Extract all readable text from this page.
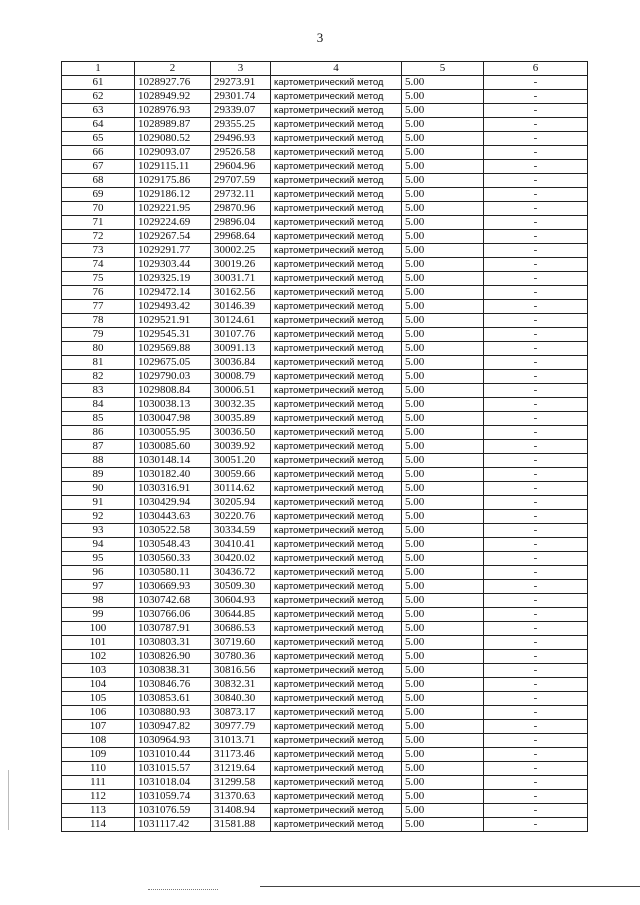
3
1	2	3	4	5	6
61	1028927.76	29273.91	картометрический метод	5.00	-
62	1028949.92	29301.74	картометрический метод	5.00	-
63	1028976.93	29339.07	картометрический метод	5.00	-
64	1028989.87	29355.25	картометрический метод	5.00	-
65	1029080.52	29496.93	картометрический метод	5.00	-
66	1029093.07	29526.58	картометрический метод	5.00	-
67	1029115.11	29604.96	картометрический метод	5.00	-
68	1029175.86	29707.59	картометрический метод	5.00	-
69	1029186.12	29732.11	картометрический метод	5.00	-
70	1029221.95	29870.96	картометрический метод	5.00	-
71	1029224.69	29896.04	картометрический метод	5.00	-
72	1029267.54	29968.64	картометрический метод	5.00	-
73	1029291.77	30002.25	картометрический метод	5.00	-
74	1029303.44	30019.26	картометрический метод	5.00	-
75	1029325.19	30031.71	картометрический метод	5.00	-
76	1029472.14	30162.56	картометрический метод	5.00	-
77	1029493.42	30146.39	картометрический метод	5.00	-
78	1029521.91	30124.61	картометрический метод	5.00	-
79	1029545.31	30107.76	картометрический метод	5.00	-
80	1029569.88	30091.13	картометрический метод	5.00	-
81	1029675.05	30036.84	картометрический метод	5.00	-
82	1029790.03	30008.79	картометрический метод	5.00	-
83	1029808.84	30006.51	картометрический метод	5.00	-
84	1030038.13	30032.35	картометрический метод	5.00	-
85	1030047.98	30035.89	картометрический метод	5.00	-
86	1030055.95	30036.50	картометрический метод	5.00	-
87	1030085.60	30039.92	картометрический метод	5.00	-
88	1030148.14	30051.20	картометрический метод	5.00	-
89	1030182.40	30059.66	картометрический метод	5.00	-
90	1030316.91	30114.62	картометрический метод	5.00	-
91	1030429.94	30205.94	картометрический метод	5.00	-
92	1030443.63	30220.76	картометрический метод	5.00	-
93	1030522.58	30334.59	картометрический метод	5.00	-
94	1030548.43	30410.41	картометрический метод	5.00	-
95	1030560.33	30420.02	картометрический метод	5.00	-
96	1030580.11	30436.72	картометрический метод	5.00	-
97	1030669.93	30509.30	картометрический метод	5.00	-
98	1030742.68	30604.93	картометрический метод	5.00	-
99	1030766.06	30644.85	картометрический метод	5.00	-
100	1030787.91	30686.53	картометрический метод	5.00	-
101	1030803.31	30719.60	картометрический метод	5.00	-
102	1030826.90	30780.36	картометрический метод	5.00	-
103	1030838.31	30816.56	картометрический метод	5.00	-
104	1030846.76	30832.31	картометрический метод	5.00	-
105	1030853.61	30840.30	картометрический метод	5.00	-
106	1030880.93	30873.17	картометрический метод	5.00	-
107	1030947.82	30977.79	картометрический метод	5.00	-
108	1030964.93	31013.71	картометрический метод	5.00	-
109	1031010.44	31173.46	картометрический метод	5.00	-
110	1031015.57	31219.64	картометрический метод	5.00	-
111	1031018.04	31299.58	картометрический метод	5.00	-
112	1031059.74	31370.63	картометрический метод	5.00	-
113	1031076.59	31408.94	картометрический метод	5.00	-
114	1031117.42	31581.88	картометрический метод	5.00	-
